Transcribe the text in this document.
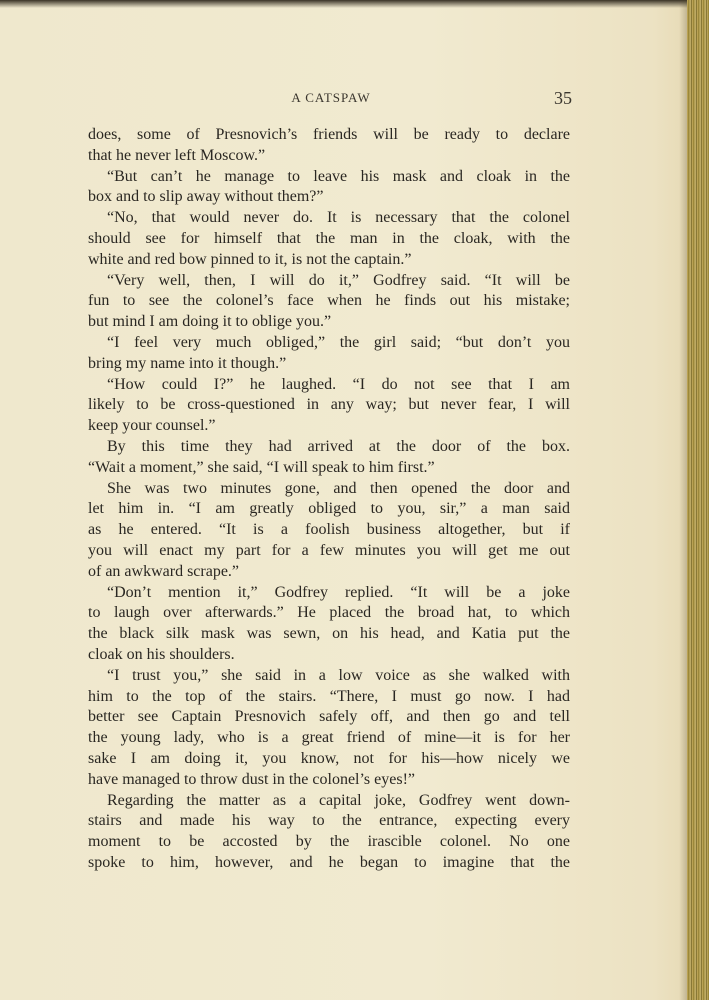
A CATSPAW	35
does, some of Presnovich’s friends will be ready to declare
that he never left Moscow.”
“But can’t he manage to leave his mask and cloak in the
box and to slip away without them?”
“No, that would never do. It is necessary that the colonel
should see for himself that the man in the cloak, with the
white and red bow pinned to it, is not the captain.”
“Very well, then, I will do it,” Godfrey said. “It will be
fun to see the colonel’s face when he finds out his mistake;
but mind I am doing it to oblige you.”
“I feel very much obliged,” the girl said; “but don’t you
bring my name into it though.”
“How could I?” he laughed. “I do not see that I am
likely to be cross-questioned in any way; but never fear, I will
keep your counsel.”
By this time they had arrived at the door of the box.
“Wait a moment,” she said, “I will speak to him first.”
She was two minutes gone, and then opened the door and
let him in. “I am greatly obliged to you, sir,” a man said
as he entered. “It is a foolish business altogether, but if
you will enact my part for a few minutes you will get me out
of an awkward scrape.”
“Don’t mention it,” Godfrey replied. “It will be a joke
to laugh over afterwards.” He placed the broad hat, to which
the black silk mask was sewn, on his head, and Katia put the
cloak on his shoulders.
“I trust you,” she said in a low voice as she walked with
him to the top of the stairs. “There, I must go now. I had
better see Captain Presnovich safely off, and then go and tell
the young lady, who is a great friend of mine—it is for her
sake I am doing it, you know, not for his—how nicely we
have managed to throw dust in the colonel’s eyes!”
Regarding the matter as a capital joke, Godfrey went down-
stairs and made his way to the entrance, expecting every
moment to be accosted by the irascible colonel. No one
spoke to him, however, and he began to imagine that the
